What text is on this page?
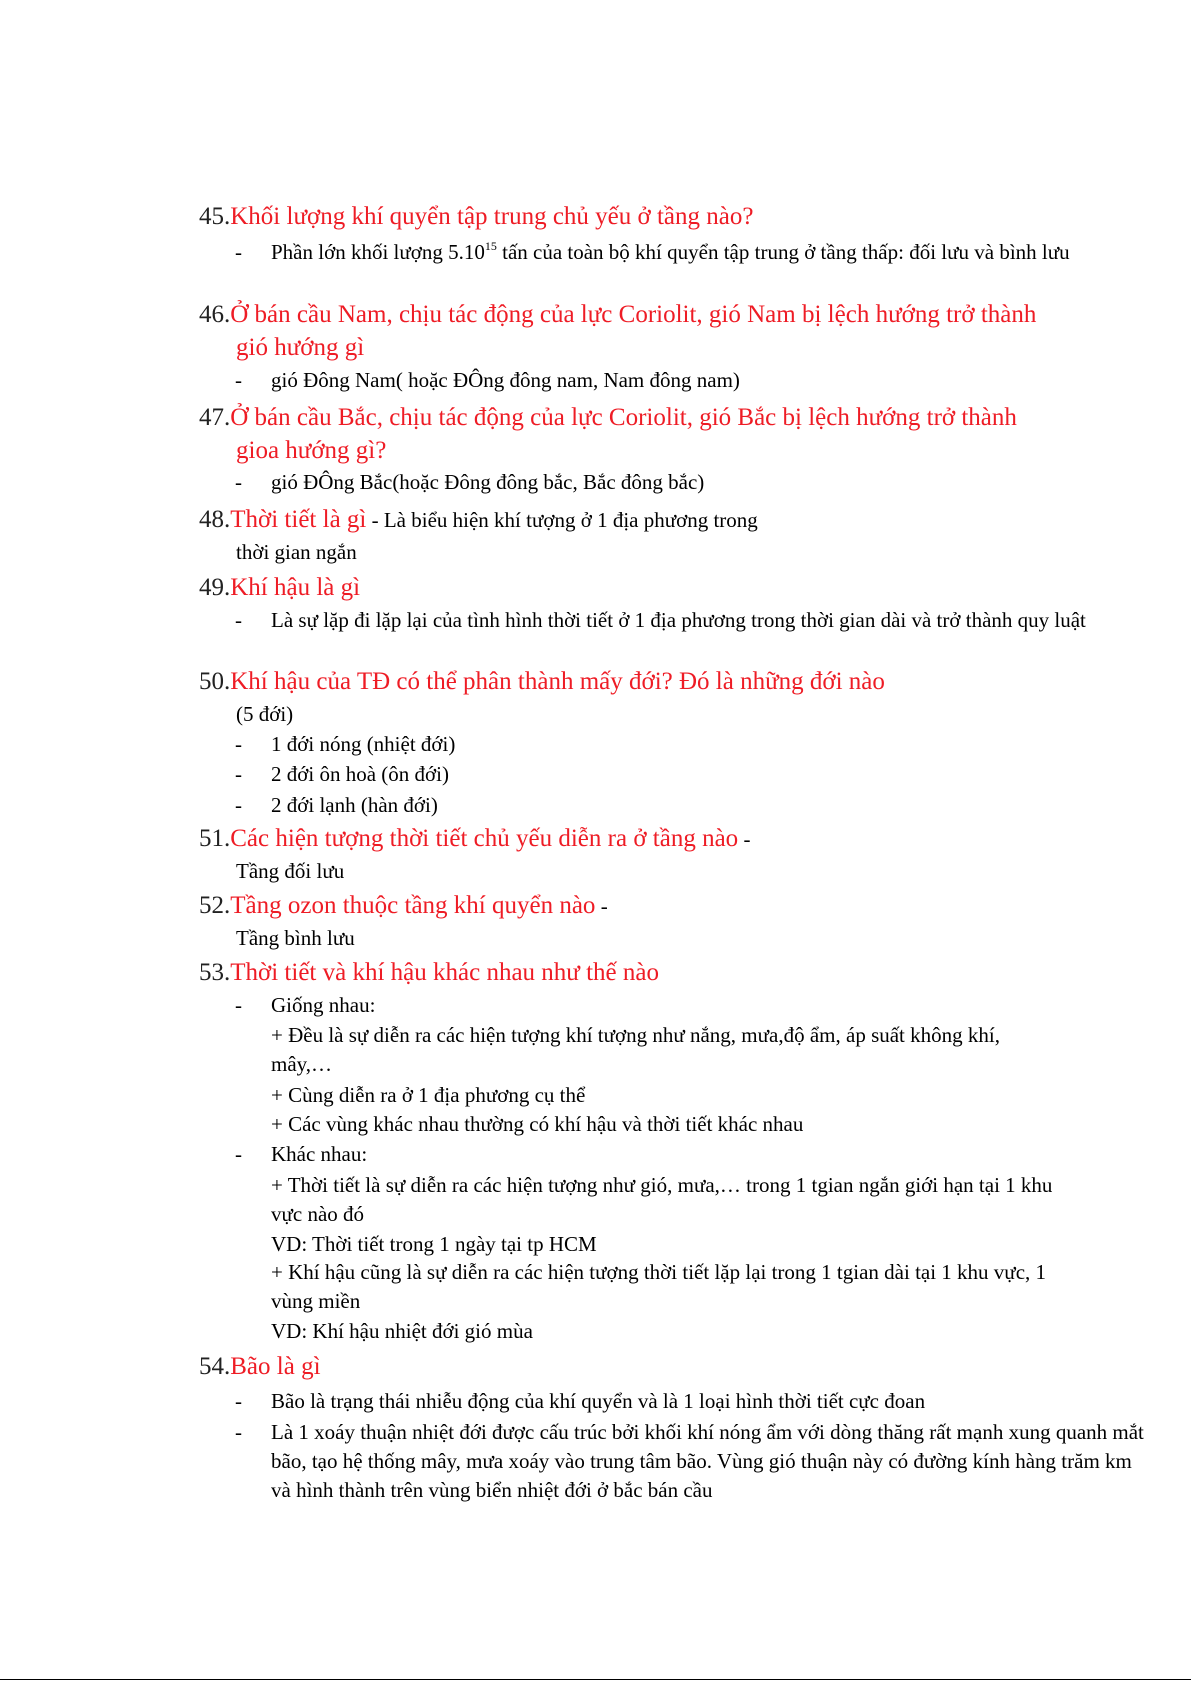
45.Khối lượng khí quyển tập trung chủ yếu ở tầng nào?
- Phần lớn khối lượng 5.10$^{15}$ tấn của toàn bộ khí quyển tập trung ở tầng thấp: đối lưu và bình lưu
46.Ở bán cầu Nam, chịu tác động của lực Coriolit, gió Nam bị lệch hướng trở thành
gió hướng gì
- gió Đông Nam( hoặc ĐÔng đông nam, Nam đông nam)
47.Ở bán cầu Bắc, chịu tác động của lực Coriolit, gió Bắc bị lệch hướng trở thành
gioa hướng gì?
- gió ĐÔng Bắc(hoặc Đông đông bắc, Bắc đông bắc)
48.Thời tiết là gì - Là biểu hiện khí tượng ở 1 địa phương trong
thời gian ngắn
49.Khí hậu là gì
- Là sự lặp đi lặp lại của tình hình thời tiết ở 1 địa phương trong thời gian dài và trở thành quy luật
50.Khí hậu của TĐ có thể phân thành mấy đới? Đó là những đới nào
(5 đới)
- 1 đới nóng (nhiệt đới)
- 2 đới ôn hoà (ôn đới)
- 2 đới lạnh (hàn đới)
51.Các hiện tượng thời tiết chủ yếu diễn ra ở tầng nào -
Tầng đối lưu
52.Tầng ozon thuộc tầng khí quyển nào -
Tầng bình lưu
53.Thời tiết và khí hậu khác nhau như thế nào
- Giống nhau:
+ Đều là sự diễn ra các hiện tượng khí tượng như nắng, mưa,độ ẩm, áp suất không khí, mây,…
+ Cùng diễn ra ở 1 địa phương cụ thể
+ Các vùng khác nhau thường có khí hậu và thời tiết khác nhau
- Khác nhau:
+ Thời tiết là sự diễn ra các hiện tượng như gió, mưa,… trong 1 tgian ngắn giới hạn tại 1 khu vực nào đó
VD: Thời tiết trong 1 ngày tại tp HCM
+ Khí hậu cũng là sự diễn ra các hiện tượng thời tiết lặp lại trong 1 tgian dài tại 1 khu vực, 1 vùng miền
VD: Khí hậu nhiệt đới gió mùa
54.Bão là gì
- Bão là trạng thái nhiễu động của khí quyển và là 1 loại hình thời tiết cực đoan
- Là 1 xoáy thuận nhiệt đới được cấu trúc bởi khối khí nóng ẩm với dòng thăng rất mạnh xung quanh mắt bão, tạo hệ thống mây, mưa xoáy vào trung tâm bão. Vùng gió thuận này có đường kính hàng trăm km và hình thành trên vùng biển nhiệt đới ở bắc bán cầu
